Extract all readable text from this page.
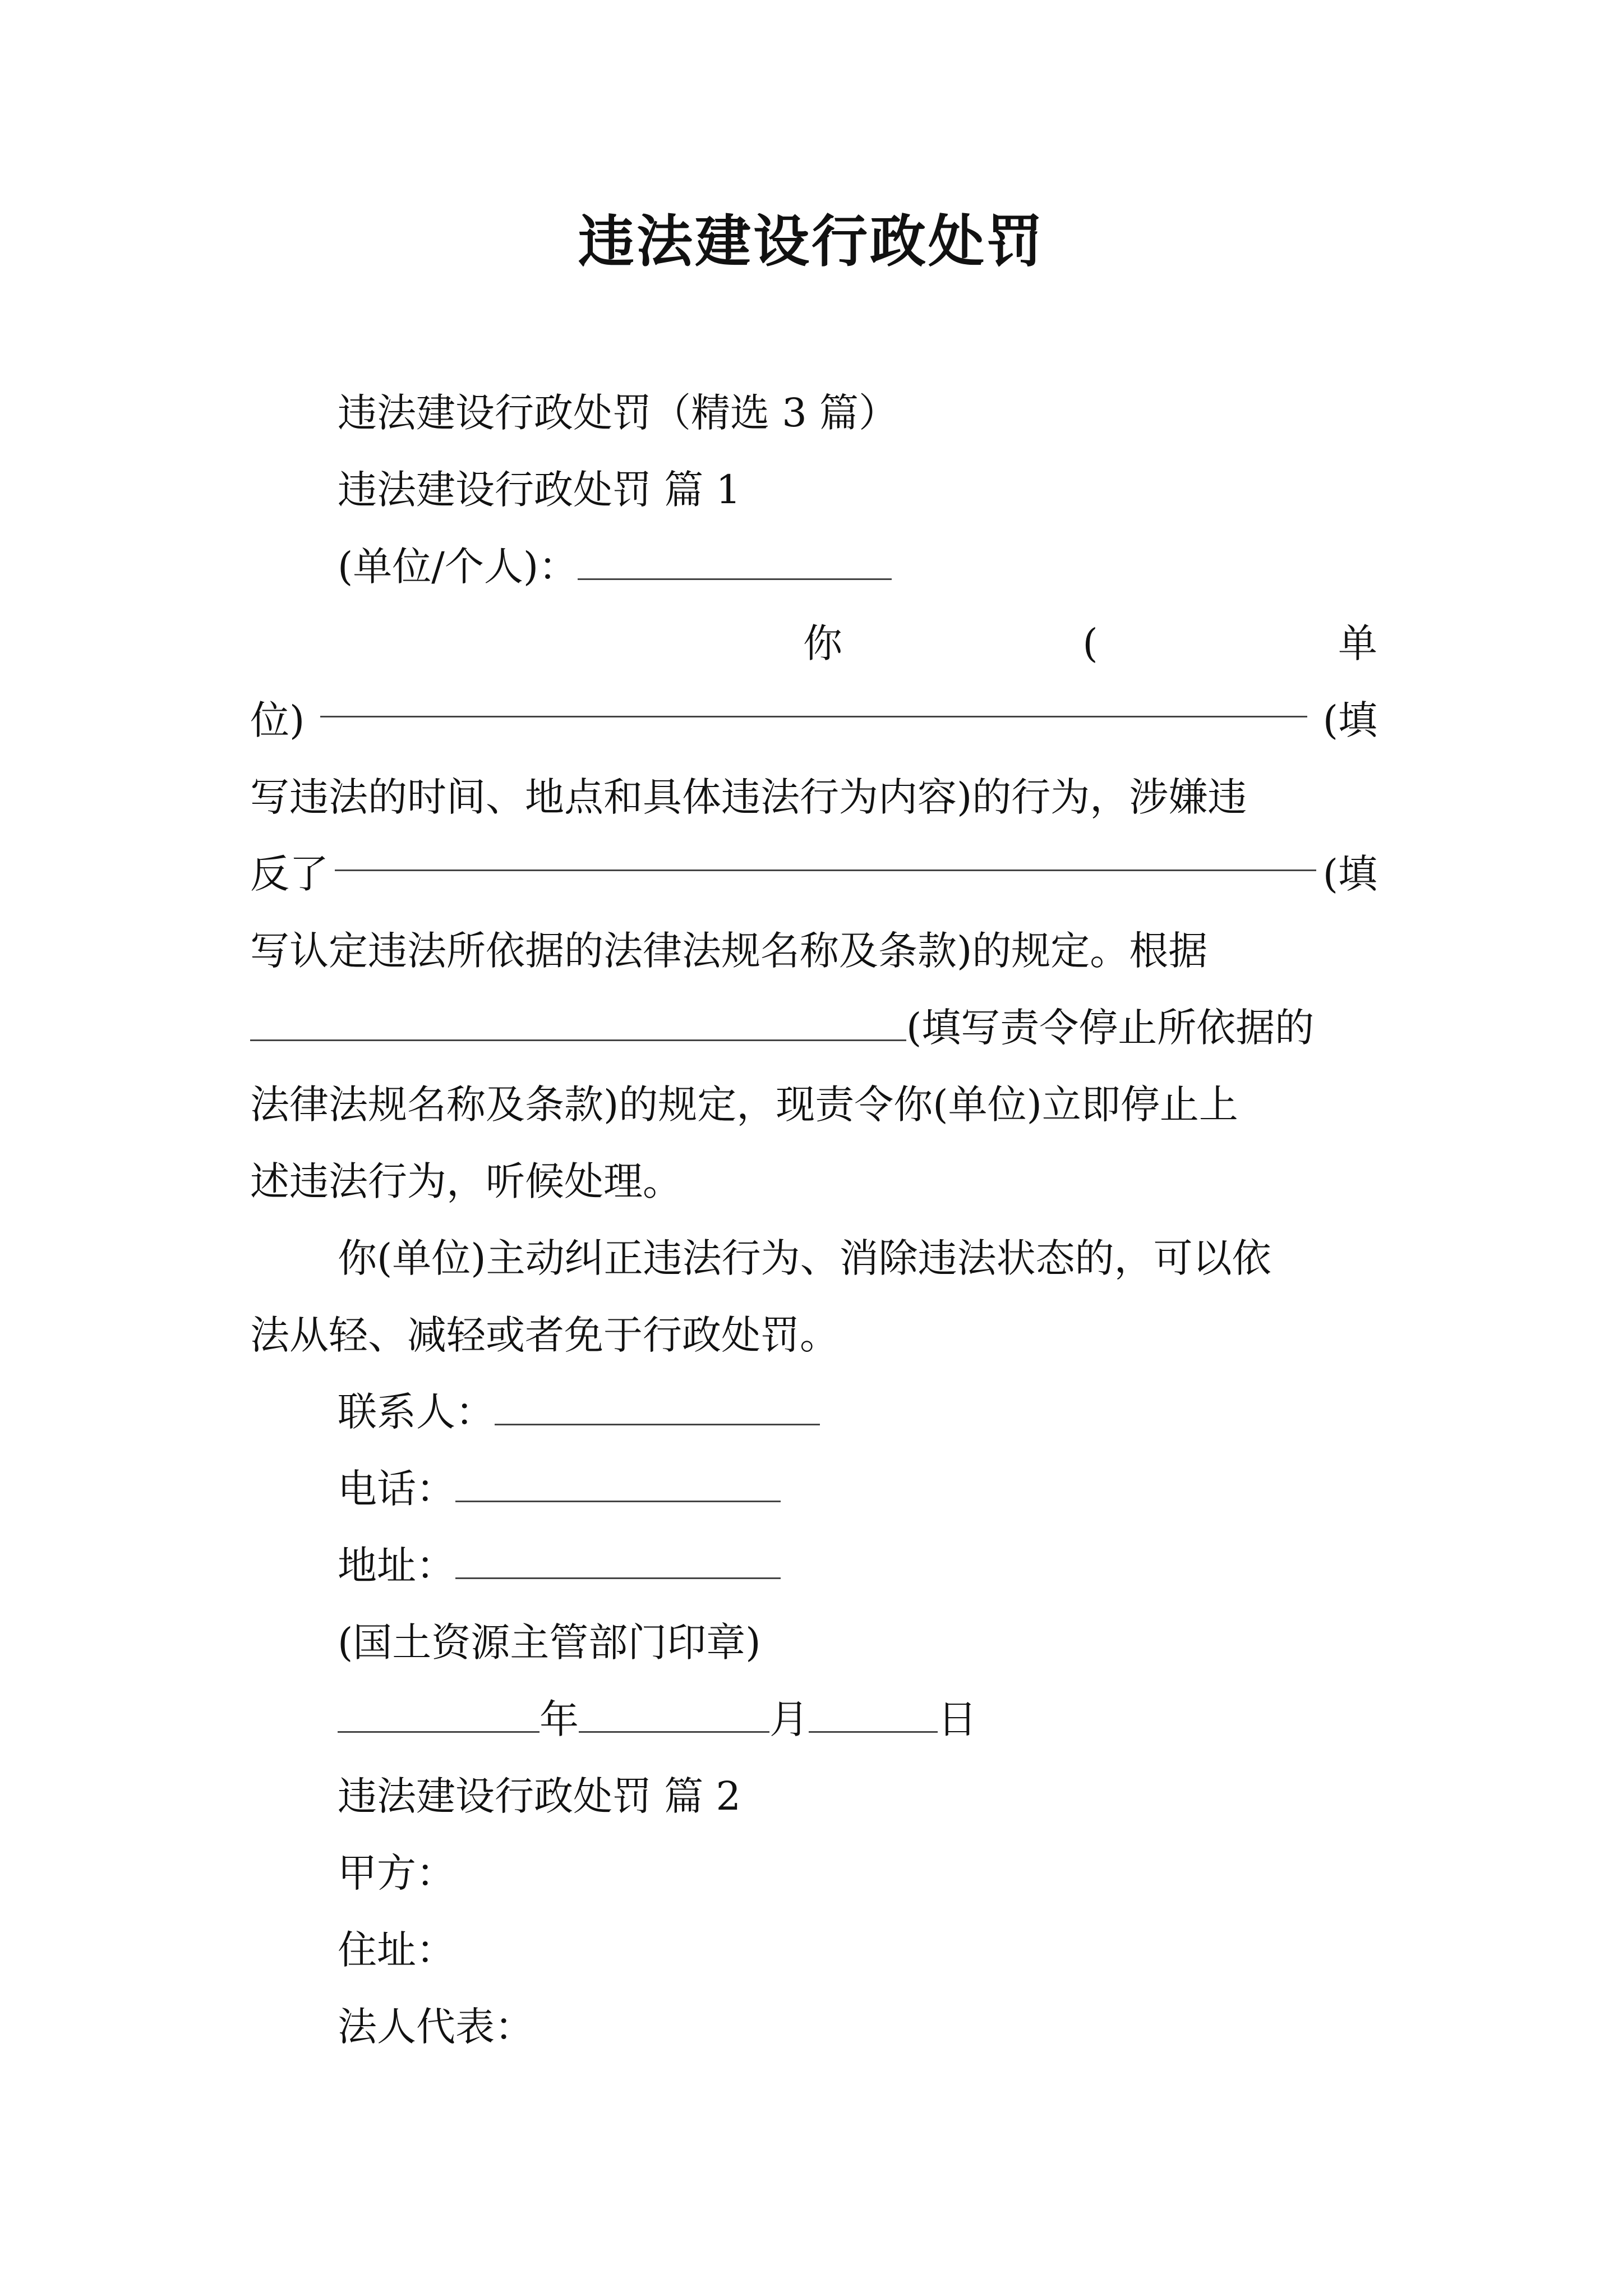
违法建设行政处罚
违法建设行政处罚（精选 3 篇）
违法建设行政处罚 篇 1
(单位/个人)：
你	(	单
位)	(填
写违法的时间、地点和具体违法行为内容)的行为，涉嫌违
反了	(填
写认定违法所依据的法律法规名称及条款)的规定。根据
(填写责令停止所依据的
法律法规名称及条款)的规定，现责令你(单位)立即停止上
述违法行为，听候处理。
你(单位)主动纠正违法行为、消除违法状态的，可以依
法从轻、减轻或者免于行政处罚。
联系人：
电话：
地址：
(国土资源主管部门印章)
年	月	日
违法建设行政处罚 篇 2
甲方：
住址：
法人代表：
